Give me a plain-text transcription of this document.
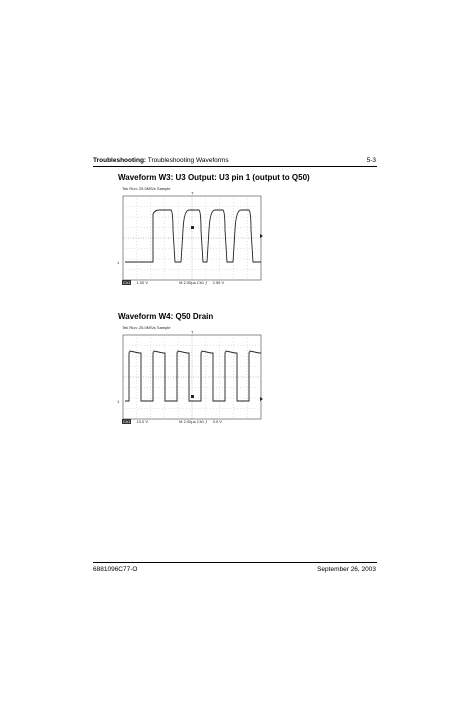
Troubleshooting: Troubleshooting Waveforms	5-3
Waveform W3: U3 Output: U3 pin 1 (output to Q50)
Tek Run: 25.0MS/s Sample
T
1
Ch1 1.00 V	M 2.00µs Ch1 ƒ 2.59 V
Waveform W4: Q50 Drain
Tek Run: 25.0MS/s Sample
T
1
Ch1 10.0 V	M 2.00µs Ch1 ƒ 3.0 V
6881096C77-O	September 26, 2003
